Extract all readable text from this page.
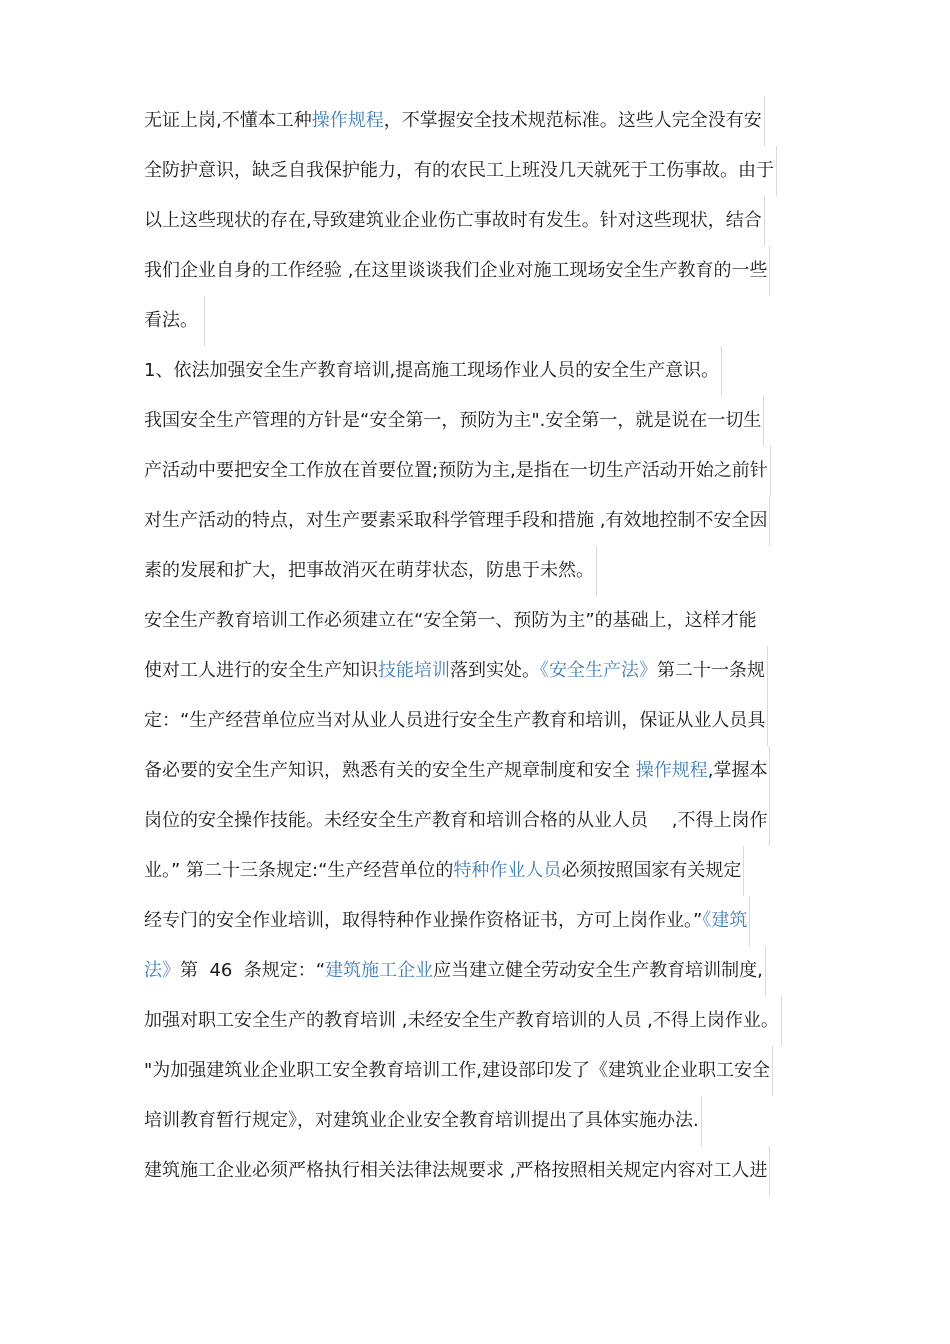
无证上岗,不懂本工种操作规程，不掌握安全技术规范标准。这些人完全没有安
全防护意识，缺乏自我保护能力，有的农民工上班没几天就死于工伤事故。由于
以上这些现状的存在,导致建筑业企业伤亡事故时有发生。针对这些现状，结合
我们企业自身的工作经验 ,在这里谈谈我们企业对施工现场安全生产教育的一些
看法。
1、依法加强安全生产教育培训,提高施工现场作业人员的安全生产意识。
我国安全生产管理的方针是“安全第一，预防为主".安全第一，就是说在一切生
产活动中要把安全工作放在首要位置;预防为主,是指在一切生产活动开始之前针
对生产活动的特点，对生产要素采取科学管理手段和措施 ,有效地控制不安全因
素的发展和扩大，把事故消灭在萌芽状态，防患于未然。
安全生产教育培训工作必须建立在“安全第一、预防为主”的基础上，这样才能
使对工人进行的安全生产知识技能培训落到实处。《安全生产法》第二十一条规
定：“生产经营单位应当对从业人员进行安全生产教育和培训，保证从业人员具
备必要的安全生产知识，熟悉有关的安全生产规章制度和安全 操作规程,掌握本
岗位的安全操作技能。未经安全生产教育和培训合格的从业人员 　,不得上岗作
业。” 第二十三条规定:“生产经营单位的特种作业人员必须按照国家有关规定
经专门的安全作业培训，取得特种作业操作资格证书，方可上岗作业。”《建筑
法》第  46  条规定：“建筑施工企业应当建立健全劳动安全生产教育培训制度,
加强对职工安全生产的教育培训 ,未经安全生产教育培训的人员 ,不得上岗作业。
"为加强建筑业企业职工安全教育培训工作,建设部印发了《建筑业企业职工安全
培训教育暂行规定》，对建筑业企业安全教育培训提出了具体实施办法.
建筑施工企业必须严格执行相关法律法规要求 ,严格按照相关规定内容对工人进
